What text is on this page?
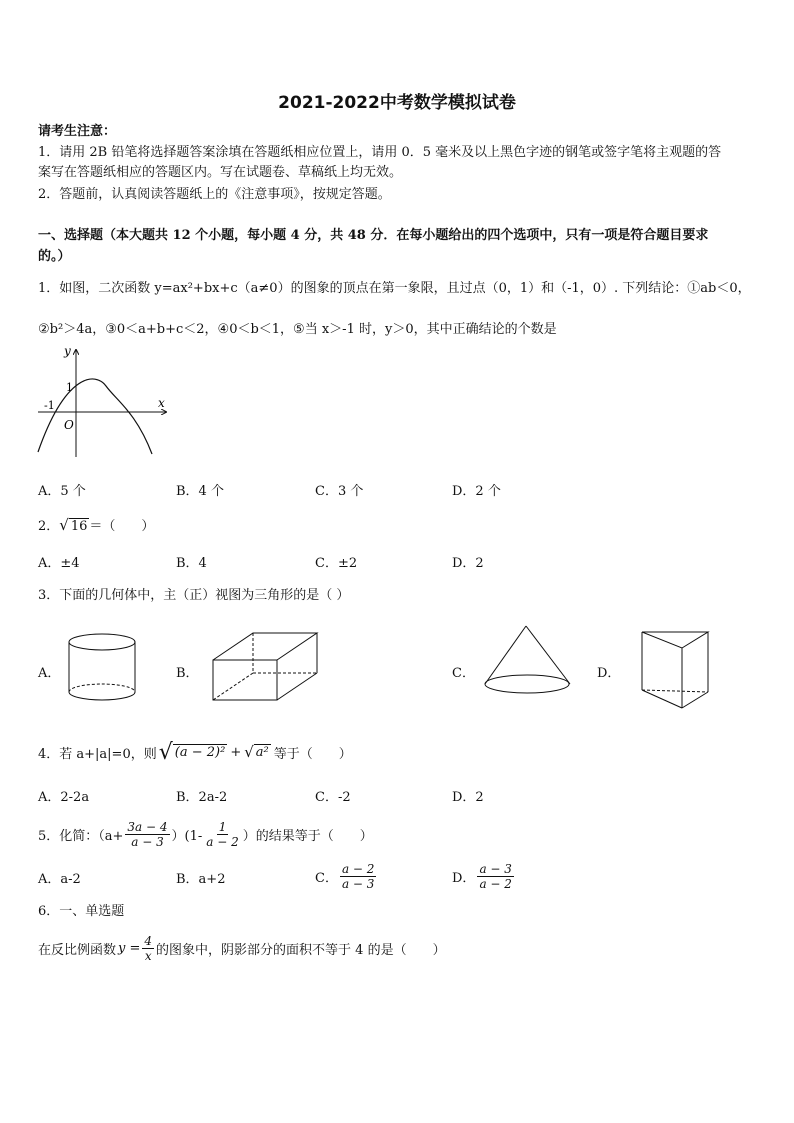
2021-2022中考数学模拟试卷
请考生注意：
1．请用 2B 铅笔将选择题答案涂填在答题纸相应位置上，请用 0．5 毫米及以上黑色字迹的钢笔或签字笔将主观题的答
案写在答题纸相应的答题区内。写在试题卷、草稿纸上均无效。
2．答题前，认真阅读答题纸上的《注意事项》，按规定答题。
一、选择题（本大题共 12 个小题，每小题 4 分，共 48 分．在每小题给出的四个选项中，只有一项是符合题目要求
的。）
1．如图，二次函数 y=ax²+bx+c（a≠0）的图象的顶点在第一象限，且过点（0，1）和（-1，0）. 下列结论：①ab＜0，
②b²＞4a，③0＜a+b+c＜2，④0＜b＜1，⑤当 x＞-1 时，y＞0，其中正确结论的个数是
y
x
O
1
-1
A．5 个	B．4 个	C．3 个	D．2 个
2．√ 16 ＝（　　）
A．±4	B．4	C．±2	D．2
3．下面的几何体中，主（正）视图为三角形的是（ ）
A．	B．	C．	D．
4．若 a+|a|=0，则 √ (a − 2)² + √ a² 等于（　　）
A．2-2a	B．2a-2	C．-2	D．2
5．化简：$(a+ \frac{3a - 4}{a - 3} )(1- \frac{1}{a - 2}$ ）的结果等于（　　）
A．a-2	B．a+2	C． $\frac{a - 2}{a - 3}$	D． $\frac{a - 3}{a - 2}$
6．一、单选题
在反比例函数 $y = \frac{4}{x}$ 的图象中，阴影部分的面积不等于 4 的是（　　）
